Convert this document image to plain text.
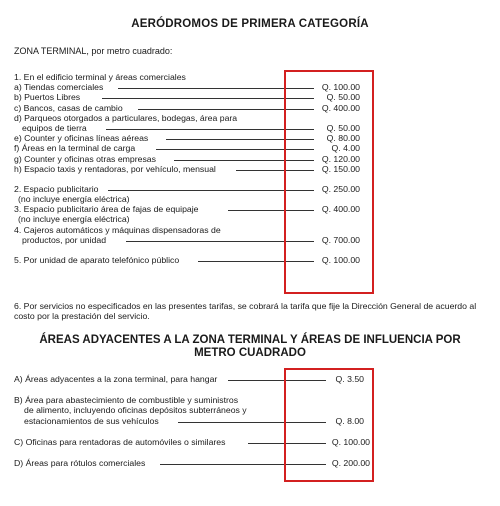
AERÓDROMOS DE PRIMERA CATEGORÍA
ZONA TERMINAL, por metro cuadrado:
1. En el edificio terminal y áreas comerciales
a) Tiendas comerciales	Q. 100.00
b) Puertos Libres	Q. 50.00
c) Bancos, casas de cambio	Q. 400.00
d) Parqueos otorgados a particulares, bodegas, área para
equipos de tierra	Q. 50.00
e) Counter y oficinas líneas aéreas	Q. 80.00
f) Áreas en la terminal de carga	Q. 4.00
g) Counter y oficinas otras empresas	Q. 120.00
h) Espacio taxis y rentadoras, por vehículo, mensual	Q. 150.00
2. Espacio publicitario	Q. 250.00
(no incluye energía eléctrica)
3. Espacio publicitario área de fajas de equipaje	Q. 400.00
(no incluye energía eléctrica)
4. Cajeros automáticos y máquinas dispensadoras de
productos, por unidad	Q. 700.00
5. Por unidad de aparato telefónico público	Q. 100.00
6. Por servicios no especificados en las presentes tarifas, se cobrará la tarifa que fije la Dirección General de acuerdo al costo por la prestación del servicio.
ÁREAS ADYACENTES A LA ZONA TERMINAL Y ÁREAS DE INFLUENCIA POR
METRO CUADRADO
A) Áreas adyacentes a la zona terminal, para hangar	Q. 3.50
B) Área para abastecimiento de combustible y suministros
de alimento, incluyendo oficinas depósitos subterráneos y
estacionamientos de sus vehículos	Q. 8.00
C) Oficinas para rentadoras de automóviles o similares	Q. 100.00
D) Áreas para rótulos comerciales	Q. 200.00
